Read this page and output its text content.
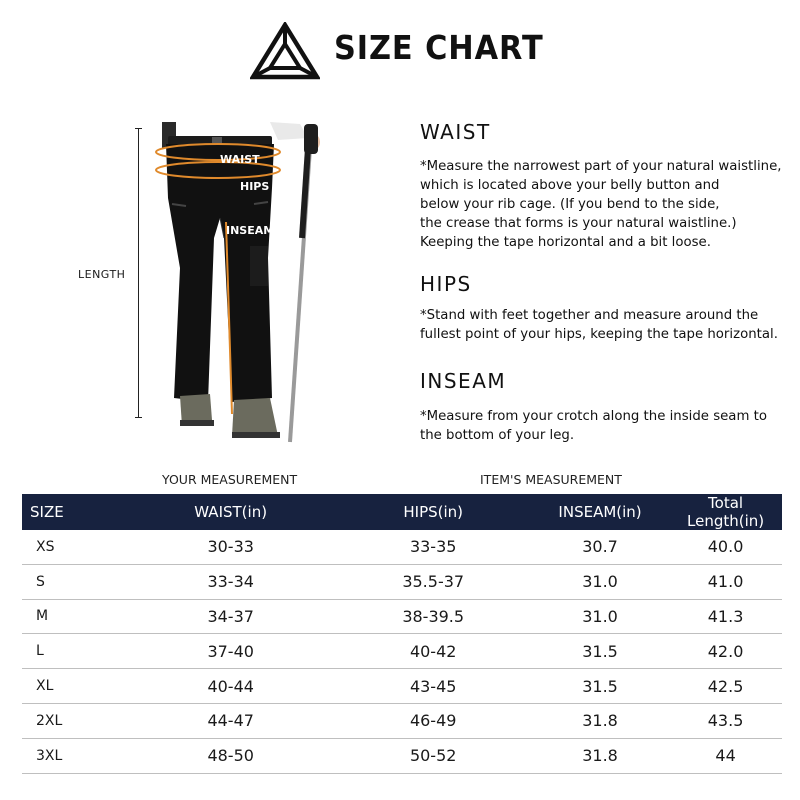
SIZE CHART
LENGTH
WAIST
HIPS
INSEAM
WAIST
*Measure the narrowest part of your natural waistline,
which is located above your belly button and
below your rib cage. (If you bend to the side,
the crease that forms is your natural waistline.)
Keeping the tape horizontal and a bit loose.
HIPS
*Stand with feet together and measure around the
fullest point of your hips, keeping the tape horizontal.
INSEAM
*Measure from your crotch along the inside seam to
the bottom of your leg.
YOUR MEASUREMENT	ITEM'S MEASUREMENT
SIZE	WAIST(in)	HIPS(in)	INSEAM(in)	Total Length(in)
XS	30-33	33-35	30.7	40.0
S	33-34	35.5-37	31.0	41.0
M	34-37	38-39.5	31.0	41.3
L	37-40	40-42	31.5	42.0
XL	40-44	43-45	31.5	42.5
2XL	44-47	46-49	31.8	43.5
3XL	48-50	50-52	31.8	44
